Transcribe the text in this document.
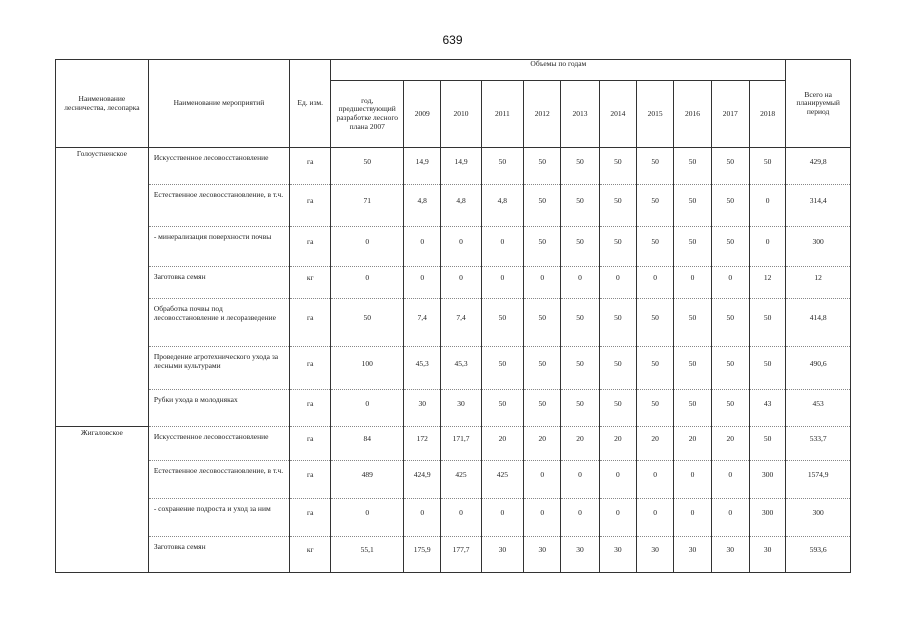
639
Наименование лесничества, лесопарка	Наименование мероприятий	Ед. изм.	Объемы по годам											Всего на планируемый период
			год, предшествующий разработке лесного плана 2007	2009	2010	2011	2012	2013	2014	2015	2016	2017	2018	
Голоустненское	Искусственное лесовосстановление	га	50	14,9	14,9	50	50	50	50	50	50	50	50	429,8
	Естественное лесовосстановление, в т.ч.	га	71	4,8	4,8	4,8	50	50	50	50	50	50	0	314,4
	- минерализация поверхности почвы	га	0	0	0	0	50	50	50	50	50	50	0	300
	Заготовка семян	кг	0	0	0	0	0	0	0	0	0	0	12	12
	Обработка почвы под лесовосстановление и лесоразведение	га	50	7,4	7,4	50	50	50	50	50	50	50	50	414,8
	Проведение агротехнического ухода за лесными культурами	га	100	45,3	45,3	50	50	50	50	50	50	50	50	490,6
	Рубки ухода в молодняках	га	0	30	30	50	50	50	50	50	50	50	43	453
Жигаловское	Искусственное лесовосстановление	га	84	172	171,7	20	20	20	20	20	20	20	50	533,7
	Естественное лесовосстановление, в т.ч.	га	489	424,9	425	425	0	0	0	0	0	0	300	1574,9
	- сохранение подроста и уход за ним	га	0	0	0	0	0	0	0	0	0	0	300	300
	Заготовка семян	кг	55,1	175,9	177,7	30	30	30	30	30	30	30	30	593,6
